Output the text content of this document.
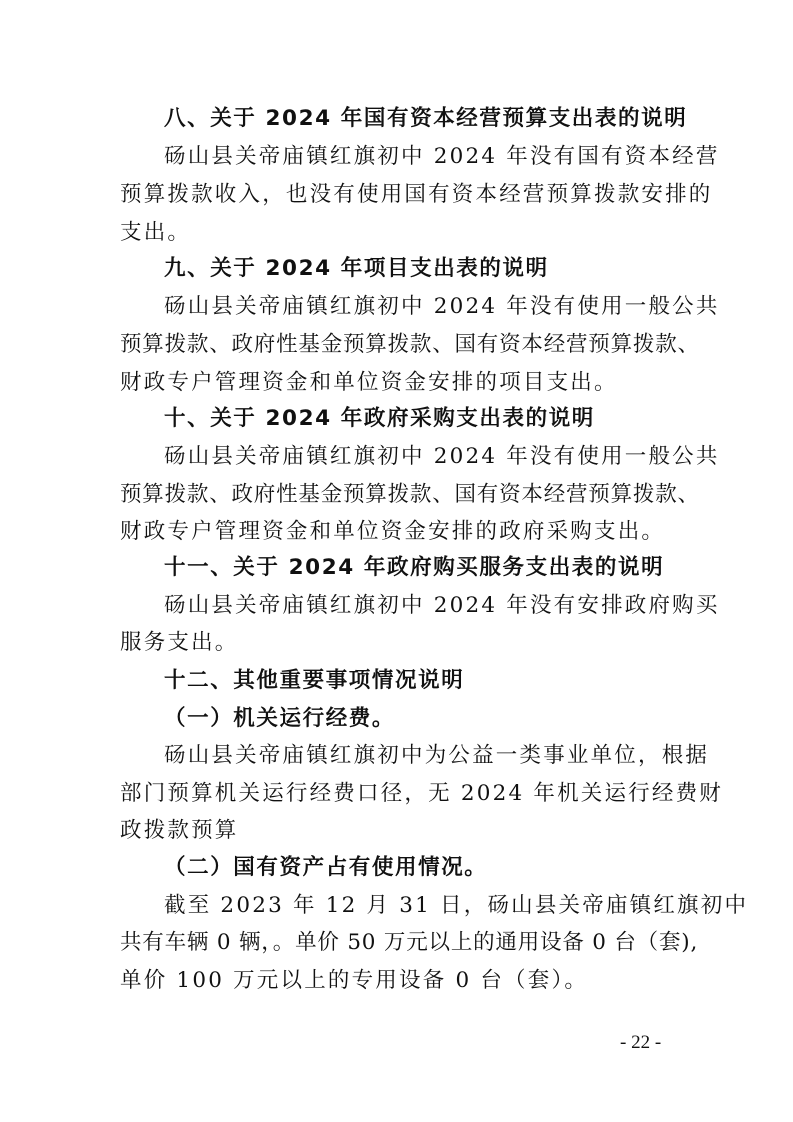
八、关于 2024 年国有资本经营预算支出表的说明
砀山县关帝庙镇红旗初中 2024 年没有国有资本经营
预算拨款收入，也没有使用国有资本经营预算拨款安排的
支出。
九、关于 2024 年项目支出表的说明
砀山县关帝庙镇红旗初中 2024 年没有使用一般公共
预算拨款、政府性基金预算拨款、国有资本经营预算拨款、
财政专户管理资金和单位资金安排的项目支出。
十、关于 2024 年政府采购支出表的说明
砀山县关帝庙镇红旗初中 2024 年没有使用一般公共
预算拨款、政府性基金预算拨款、国有资本经营预算拨款、
财政专户管理资金和单位资金安排的政府采购支出。
十一、关于 2024 年政府购买服务支出表的说明
砀山县关帝庙镇红旗初中 2024 年没有安排政府购买
服务支出。
十二、其他重要事项情况说明
（一）机关运行经费。
砀山县关帝庙镇红旗初中为公益一类事业单位，根据
部门预算机关运行经费口径，无 2024 年机关运行经费财
政拨款预算
（二）国有资产占有使用情况。
截至 2023 年 12 月 31 日，砀山县关帝庙镇红旗初中
共有车辆 0 辆，。单价 50 万元以上的通用设备 0 台（套),
单价 100 万元以上的专用设备 0 台（套）。
- 22 -
